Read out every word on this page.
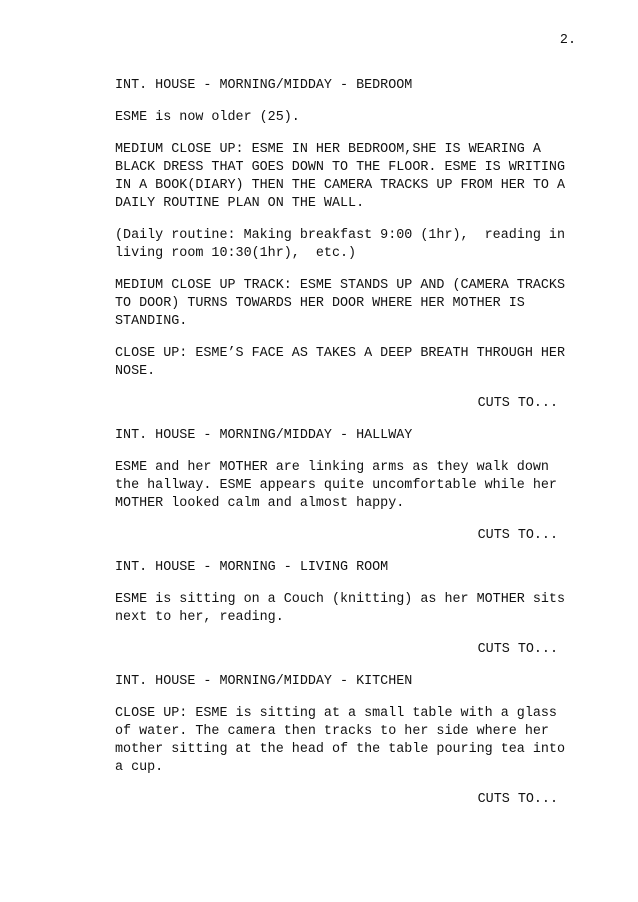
2.

INT. HOUSE - MORNING/MIDDAY - BEDROOM

ESME is now older (25).

MEDIUM CLOSE UP: ESME IN HER BEDROOM,SHE IS WEARING A
BLACK DRESS THAT GOES DOWN TO THE FLOOR. ESME IS WRITING
IN A BOOK(DIARY) THEN THE CAMERA TRACKS UP FROM HER TO A
DAILY ROUTINE PLAN ON THE WALL.

(Daily routine: Making breakfast 9:00 (1hr),  reading in
living room 10:30(1hr),  etc.)

MEDIUM CLOSE UP TRACK: ESME STANDS UP AND (CAMERA TRACKS
TO DOOR) TURNS TOWARDS HER DOOR WHERE HER MOTHER IS
STANDING.

CLOSE UP: ESME’S FACE AS TAKES A DEEP BREATH THROUGH HER
NOSE.

CUTS TO...

INT. HOUSE - MORNING/MIDDAY - HALLWAY

ESME and her MOTHER are linking arms as they walk down
the hallway. ESME appears quite uncomfortable while her
MOTHER looked calm and almost happy.

CUTS TO...

INT. HOUSE - MORNING - LIVING ROOM

ESME is sitting on a Couch (knitting) as her MOTHER sits
next to her, reading.

CUTS TO...

INT. HOUSE - MORNING/MIDDAY - KITCHEN

CLOSE UP: ESME is sitting at a small table with a glass
of water. The camera then tracks to her side where her
mother sitting at the head of the table pouring tea into
a cup.

CUTS TO...
